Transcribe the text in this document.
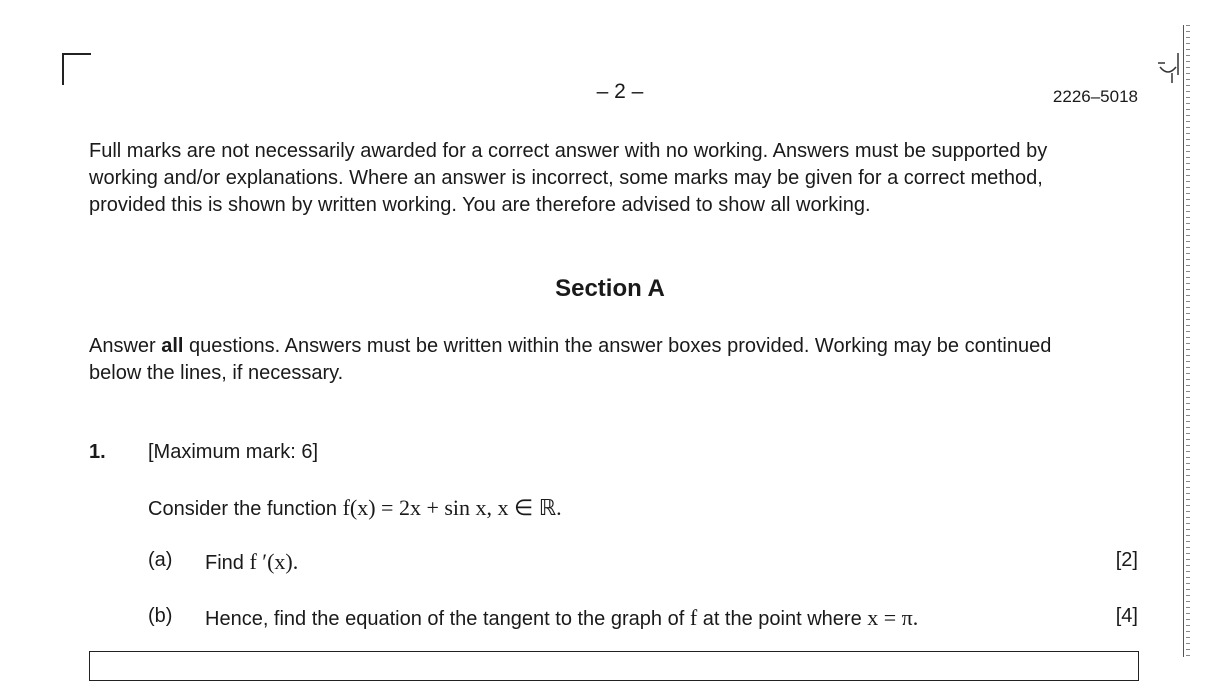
– 2 –	2226–5018
Full marks are not necessarily awarded for a correct answer with no working. Answers must be supported by working and/or explanations. Where an answer is incorrect, some marks may be given for a correct method, provided this is shown by written working. You are therefore advised to show all working.
Section A
Answer all questions. Answers must be written within the answer boxes provided. Working may be continued below the lines, if necessary.
1. [Maximum mark: 6]
Consider the function f(x) = 2x + sin x, x ∈ ℝ.
(a) Find f ′(x).	[2]
(b) Hence, find the equation of the tangent to the graph of f at the point where x = π.	[4]
